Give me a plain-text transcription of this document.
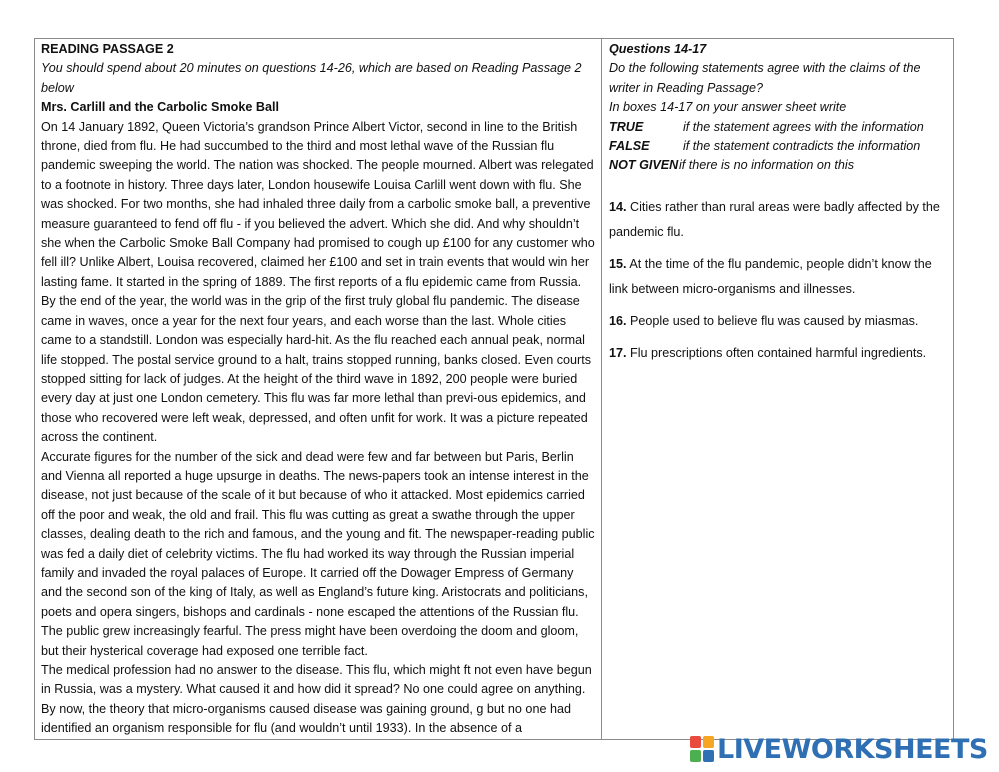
READING PASSAGE 2

You should spend about 20 minutes on questions 14-26, which are based on Reading Passage 2 below

Mrs. Carlill and the Carbolic Smoke Ball

On 14 January 1892, Queen Victoria’s grandson Prince Albert Victor, second in line to the British throne, died from flu. He had succumbed to the third and most lethal wave of the Russian flu pandemic sweeping the world. The nation was shocked. The people mourned. Albert was relegated to a footnote in history. Three days later, London housewife Louisa Carlill went down with flu. She was shocked. For two months, she had inhaled three daily from a carbolic smoke ball, a preventive measure guaranteed to fend off flu - if you believed the advert. Which she did. And why shouldn’t she when the Carbolic Smoke Ball Company had promised to cough up £100 for any customer who fell ill? Unlike Albert, Louisa recovered, claimed her £100 and set in train events that would win her lasting fame. It started in the spring of 1889. The first reports of a flu epidemic came from Russia. By the end of the year, the world was in the grip of the first truly global flu pandemic. The disease came in waves, once a year for the next four years, and each worse than the last. Whole cities came to a standstill. London was especially hard-hit. As the flu reached each annual peak, normal life stopped. The postal service ground to a halt, trains stopped running, banks closed. Even courts stopped sitting for lack of judges. At the height of the third wave in 1892, 200 people were buried every day at just one London cemetery. This flu was far more lethal than previ-ous epidemics, and those who recovered were left weak, depressed, and often unfit for work. It was a picture repeated across the continent.

Accurate figures for the number of the sick and dead were few and far between but Paris, Berlin and Vienna all reported a huge upsurge in deaths. The news-papers took an intense interest in the disease, not just because of the scale of it but because of who it attacked. Most epidemics carried off the poor and weak, the old and frail. This flu was cutting as great a swathe through the upper classes, dealing death to the rich and famous, and the young and fit. The newspaper-reading public was fed a daily diet of celebrity victims. The flu had worked its way through the Russian imperial family and invaded the royal palaces of Europe. It carried off the Dowager Empress of Germany and the second son of the king of Italy, as well as England’s future king. Aristocrats and politicians, poets and opera singers, bishops and cardinals - none escaped the attentions of the Russian flu. The public grew increasingly fearful. The press might have been overdoing the doom and gloom, but their hysterical coverage had exposed one terrible fact.

The medical profession had no answer to the disease. This flu, which might ft not even have begun in Russia, was a mystery. What caused it and how did it spread? No one could agree on anything. By now, the theory that micro-organisms caused disease was gaining ground, g but no one had identified an organism responsible for flu (and wouldn’t until 1933). In the absence of a

Questions 14-17

Do the following statements agree with the claims of the writer in Reading Passage?

In boxes 14-17 on your answer sheet write

TRUE	if the statement agrees with the information
FALSE	if the statement contradicts the information
NOT GIVEN if there is no information on this

14. Cities rather than rural areas were badly affected by the pandemic flu.

15. At the time of the flu pandemic, people didn’t know the link between micro-organisms and illnesses.

16. People used to believe flu was caused by miasmas.

17. Flu prescriptions often contained harmful ingredients.

LIVEWORKSHEETS
